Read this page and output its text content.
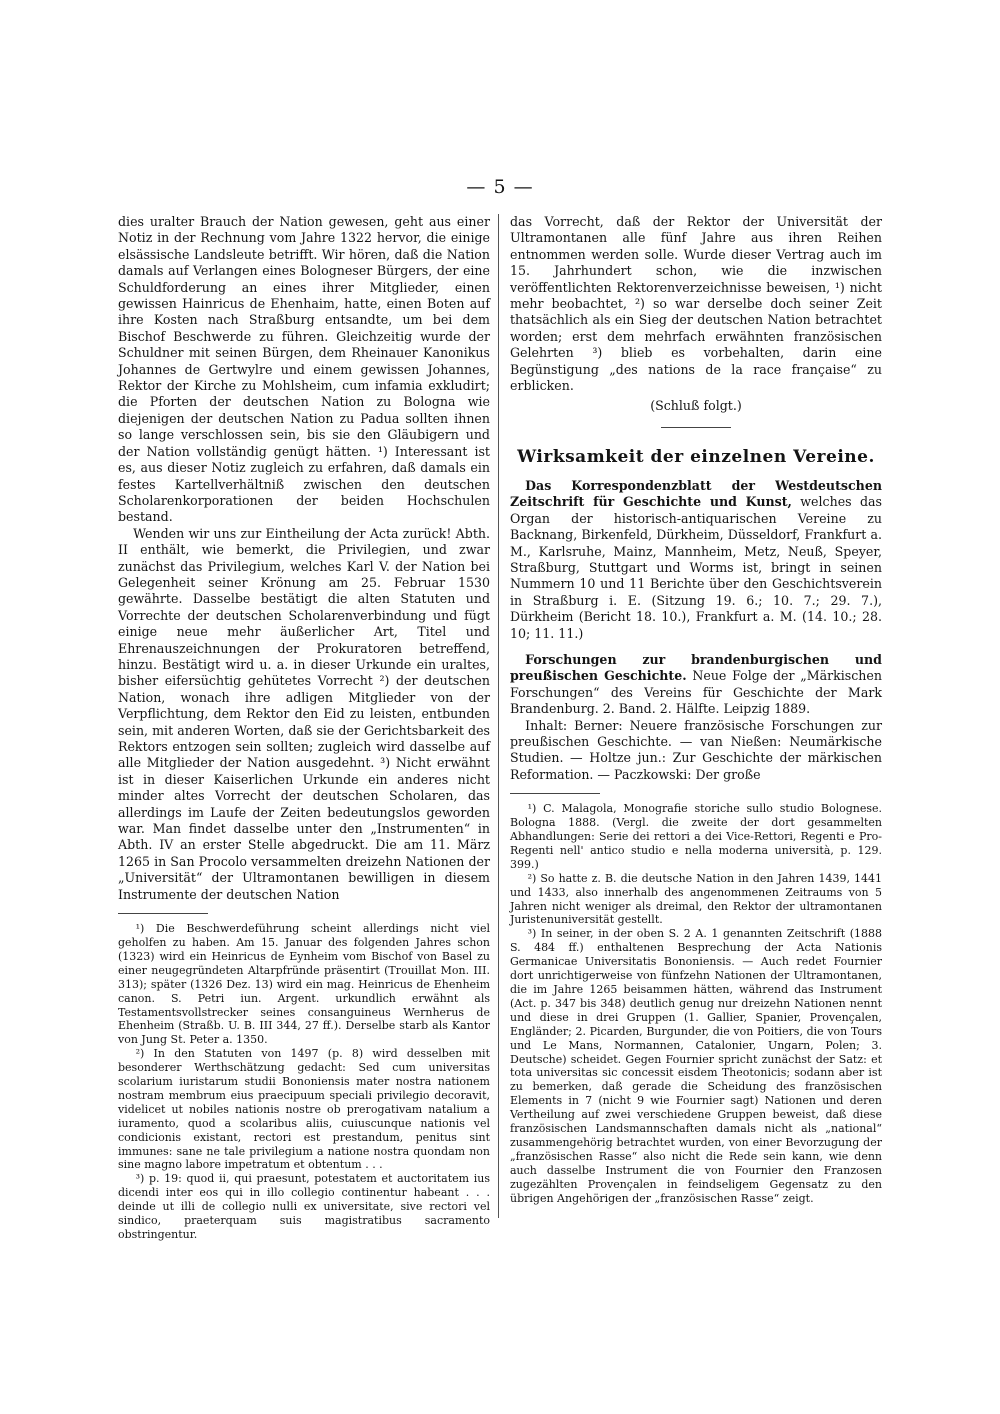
— 5 —

dies uralter Brauch der Nation gewesen, geht aus einer Notiz in der Rechnung vom Jahre 1322 hervor, die einige elsässische Landsleute betrifft. Wir hören, daß die Nation damals auf Verlangen eines Bologneser Bürgers, der eine Schuldforderung an eines ihrer Mitglieder, einen gewissen Hainricus de Ehenhaim, hatte, einen Boten auf ihre Kosten nach Straßburg entsandte, um bei dem Bischof Beschwerde zu führen. Gleichzeitig wurde der Schuldner mit seinen Bürgen, dem Rheinauer Kanonikus Johannes de Gertwylre und einem gewissen Johannes, Rektor der Kirche zu Mohlsheim, cum infamia exkludirt; die Pforten der deutschen Nation zu Bologna wie diejenigen der deutschen Nation zu Padua sollten ihnen so lange verschlossen sein, bis sie den Gläubigern und der Nation vollständig genügt hätten. ¹) Interessant ist es, aus dieser Notiz zugleich zu erfahren, daß damals ein festes Kartellverhältniß zwischen den deutschen Scholarenkorporationen der beiden Hochschulen bestand.

Wenden wir uns zur Eintheilung der Acta zurück! Abth. II enthält, wie bemerkt, die Privilegien, und zwar zunächst das Privilegium, welches Karl V. der Nation bei Gelegenheit seiner Krönung am 25. Februar 1530 gewährte. Dasselbe bestätigt die alten Statuten und Vorrechte der deutschen Scholarenverbindung und fügt einige neue mehr äußerlicher Art, Titel und Ehrenauszeichnungen der Prokuratoren betreffend, hinzu. Bestätigt wird u. a. in dieser Urkunde ein uraltes, bisher eifersüchtig gehütetes Vorrecht ²) der deutschen Nation, wonach ihre adligen Mitglieder von der Verpflichtung, dem Rektor den Eid zu leisten, entbunden sein, mit anderen Worten, daß sie der Gerichtsbarkeit des Rektors entzogen sein sollten; zugleich wird dasselbe auf alle Mitglieder der Nation ausgedehnt. ³) Nicht erwähnt ist in dieser Kaiserlichen Urkunde ein anderes nicht minder altes Vorrecht der deutschen Scholaren, das allerdings im Laufe der Zeiten bedeutungslos geworden war. Man findet dasselbe unter den „Instrumenten“ in Abth. IV an erster Stelle abgedruckt. Die am 11. März 1265 in San Procolo versammelten dreizehn Nationen der „Universität“ der Ultramontanen bewilligen in diesem Instrumente der deutschen Nation

¹) Die Beschwerdeführung scheint allerdings nicht viel geholfen zu haben. Am 15. Januar des folgenden Jahres schon (1323) wird ein Heinricus de Eynheim vom Bischof von Basel zu einer neugegründeten Altarpfründe präsentirt (Trouillat Mon. III. 313); später (1326 Dez. 13) wird ein mag. Heinricus de Ehenheim canon. S. Petri iun. Argent. urkundlich erwähnt als Testamentsvollstrecker seines consanguineus Wernherus de Ehenheim (Straßb. U. B. III 344, 27 ff.). Derselbe starb als Kantor von Jung St. Peter a. 1350.

²) In den Statuten von 1497 (p. 8) wird desselben mit besonderer Werthschätzung gedacht: Sed cum universitas scolarium iuristarum studii Bononiensis mater nostra nationem nostram membrum eius praecipuum speciali privilegio decoravit, videlicet ut nobiles nationis nostre ob prerogativam natalium a iuramento, quod a scolaribus aliis, cuiuscunque nationis vel condicionis existant, rectori est prestandum, penitus sint immunes: sane ne tale privilegium a natione nostra quondam non sine magno labore impetratum et obtentum . . .

³) p. 19: quod ii, qui praesunt, potestatem et auctoritatem ius dicendi inter eos qui in illo collegio continentur habeant . . . deinde ut illi de collegio nulli ex universitate, sive rectori vel sindico, praeterquam suis magistratibus sacramento obstringentur.

das Vorrecht, daß der Rektor der Universität der Ultramontanen alle fünf Jahre aus ihren Reihen entnommen werden solle. Wurde dieser Vertrag auch im 15. Jahrhundert schon, wie die inzwischen veröffentlichten Rektorenverzeichnisse beweisen, ¹) nicht mehr beobachtet, ²) so war derselbe doch seiner Zeit thatsächlich als ein Sieg der deutschen Nation betrachtet worden; erst dem mehrfach erwähnten französischen Gelehrten ³) blieb es vorbehalten, darin eine Begünstigung „des nations de la race française“ zu erblicken.

(Schluß folgt.)

Wirksamkeit der einzelnen Vereine.

Das Korrespondenzblatt der Westdeutschen Zeitschrift für Geschichte und Kunst, welches das Organ der historisch-antiquarischen Vereine zu Backnang, Birkenfeld, Dürkheim, Düsseldorf, Frankfurt a. M., Karlsruhe, Mainz, Mannheim, Metz, Neuß, Speyer, Straßburg, Stuttgart und Worms ist, bringt in seinen Nummern 10 und 11 Berichte über den Geschichtsverein in Straßburg i. E. (Sitzung 19. 6.; 10. 7.; 29. 7.), Dürkheim (Bericht 18. 10.), Frankfurt a. M. (14. 10.; 28. 10; 11. 11.)

Forschungen zur brandenburgischen und preußischen Geschichte. Neue Folge der „Märkischen Forschungen“ des Vereins für Geschichte der Mark Brandenburg. 2. Band. 2. Hälfte. Leipzig 1889.

Inhalt: Berner: Neuere französische Forschungen zur preußischen Geschichte. — van Nießen: Neumärkische Studien. — Holtze jun.: Zur Geschichte der märkischen Reformation. — Paczkowski: Der große

¹) C. Malagola, Monografie storiche sullo studio Bolognese. Bologna 1888. (Vergl. die zweite der dort gesammelten Abhandlungen: Serie dei rettori a dei Vice-Rettori, Regenti e Pro-Regenti nell' antico studio e nella moderna università, p. 129. 399.)

²) So hatte z. B. die deutsche Nation in den Jahren 1439, 1441 und 1433, also innerhalb des angenommenen Zeitraums von 5 Jahren nicht weniger als dreimal, den Rektor der ultramontanen Juristenuniversität gestellt.

³) In seiner, in der oben S. 2 A. 1 genannten Zeitschrift (1888 S. 484 ff.) enthaltenen Besprechung der Acta Nationis Germanicae Universitatis Bononiensis. — Auch redet Fournier dort unrichtigerweise von fünfzehn Nationen der Ultramontanen, die im Jahre 1265 beisammen hätten, während das Instrument (Act. p. 347 bis 348) deutlich genug nur dreizehn Nationen nennt und diese in drei Gruppen (1. Gallier, Spanier, Provençalen, Engländer; 2. Picarden, Burgunder, die von Poitiers, die von Tours und Le Mans, Normannen, Catalonier, Ungarn, Polen; 3. Deutsche) scheidet. Gegen Fournier spricht zunächst der Satz: et tota universitas sic concessit eisdem Theotonicis; sodann aber ist zu bemerken, daß gerade die Scheidung des französischen Elements in 7 (nicht 9 wie Fournier sagt) Nationen und deren Vertheilung auf zwei verschiedene Gruppen beweist, daß diese französischen Landsmannschaften damals nicht als „national“ zusammengehörig betrachtet wurden, von einer Bevorzugung der „französischen Rasse“ also nicht die Rede sein kann, wie denn auch dasselbe Instrument die von Fournier den Franzosen zugezählten Provençalen in feindseligem Gegensatz zu den übrigen Angehörigen der „französischen Rasse“ zeigt.
